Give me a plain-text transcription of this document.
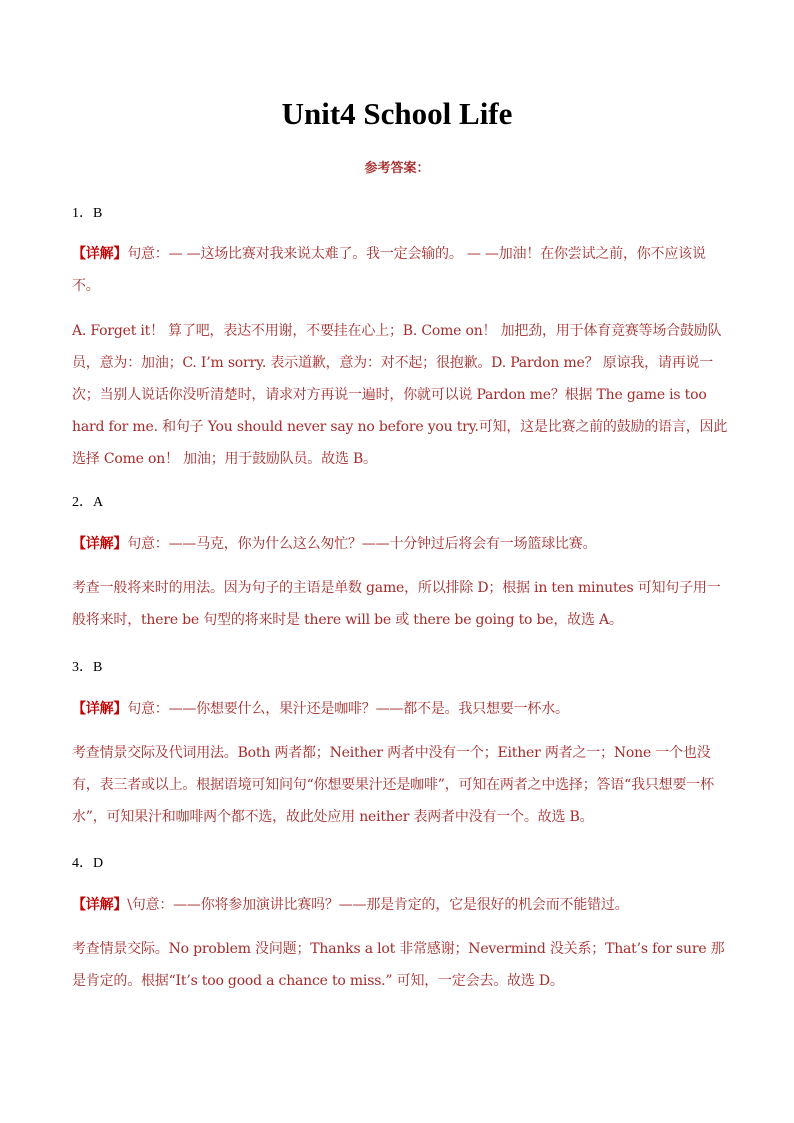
Unit4 School Life
参考答案：
1．B
【详解】句意：— —这场比赛对我来说太难了。我一定会输的。 — —加油！在你尝试之前，你不应该说不。
A. Forget it！ 算了吧，表达不用谢，不要挂在心上；B. Come on！ 加把劲，用于体育竞赛等场合鼓励队员，意为：加油；C. I’m sorry. 表示道歉，意为：对不起；很抱歉。D. Pardon me？ 原谅我，请再说一次；当别人说话你没听清楚时，请求对方再说一遍时，你就可以说 Pardon me？根据 The game is too hard for me. 和句子 You should never say no before you try.可知，这是比赛之前的鼓励的语言，因此选择 Come on！ 加油；用于鼓励队员。故选 B。
2．A
【详解】句意：——马克，你为什么这么匆忙？——十分钟过后将会有一场篮球比赛。
考查一般将来时的用法。因为句子的主语是单数 game，所以排除 D；根据 in ten minutes 可知句子用一般将来时，there be 句型的将来时是 there will be 或 there be going to be，故选 A。
3．B
【详解】句意：——你想要什么，果汁还是咖啡？——都不是。我只想要一杯水。
考查情景交际及代词用法。Both 两者都；Neither 两者中没有一个；Either 两者之一；None 一个也没有，表三者或以上。根据语境可知问句“你想要果汁还是咖啡”，可知在两者之中选择；答语“我只想要一杯水”，可知果汁和咖啡两个都不选，故此处应用 neither 表两者中没有一个。故选 B。
4．D
【详解】\句意：——你将参加演讲比赛吗？——那是肯定的，它是很好的机会而不能错过。
考查情景交际。No problem 没问题；Thanks a lot 非常感谢；Nevermind 没关系；That’s for sure 那是肯定的。根据“It’s too good a chance to miss.” 可知，一定会去。故选 D。
